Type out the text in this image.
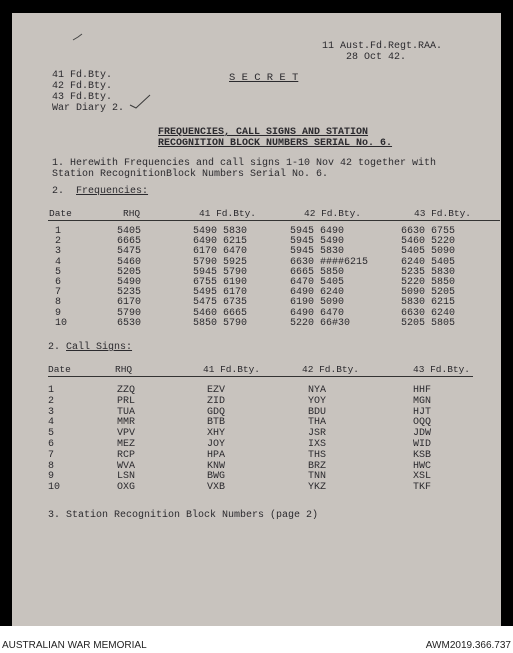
11 Aust.Fd.Regt.RAA.
28 Oct 42.
S E C R E T
41 Fd.Bty.
42 Fd.Bty.
43 Fd.Bty.
War Diary 2.
FREQUENCIES, CALL SIGNS AND STATION
RECOGNITION BLOCK NUMBERS SERIAL No. 6.
1. Herewith Frequencies and call signs 1-10 Nov 42 together with
Station RecognitionBlock Numbers Serial No. 6.
2. Frequencies:
Date	RHQ	41 Fd.Bty.	42 Fd.Bty.	43 Fd.Bty.
1	5405	5490 5830	5945 6490	6630 6755
2	6665	6490 6215	5945 5490	5460 5220
3	5475	6170 6470	5945 5830	5405 5090
4	5460	5790 5925	6630 ####6215	6240 5405
5	5205	5945 5790	6665 5850	5235 5830
6	5490	6755 6190	6470 5405	5220 5850
7	5235	5495 6170	6490 6240	5090 5205
8	6170	5475 6735	6190 5090	5830 6215
9	5790	5460 6665	6490 6470	6630 6240
10	6530	5850 5790	5220 66#30	5205 5805
2. Call Signs:
Date	RHQ	41 Fd.Bty.	42 Fd.Bty.	43 Fd.Bty.
1	ZZQ	EZV	NYA	HHF
2	PRL	ZID	YOY	MGN
3	TUA	GDQ	BDU	HJT
4	MMR	BTB	THA	OQQ
5	VPV	XHY	JSR	JDW
6	MEZ	JOY	IXS	WID
7	RCP	HPA	THS	KSB
8	WVA	KNW	BRZ	HWC
9	LSN	BWG	TNN	XSL
10	OXG	VXB	YKZ	TKF
3. Station Recognition Block Numbers (page 2)
AUSTRALIAN WAR MEMORIAL	AWM2019.366.737
